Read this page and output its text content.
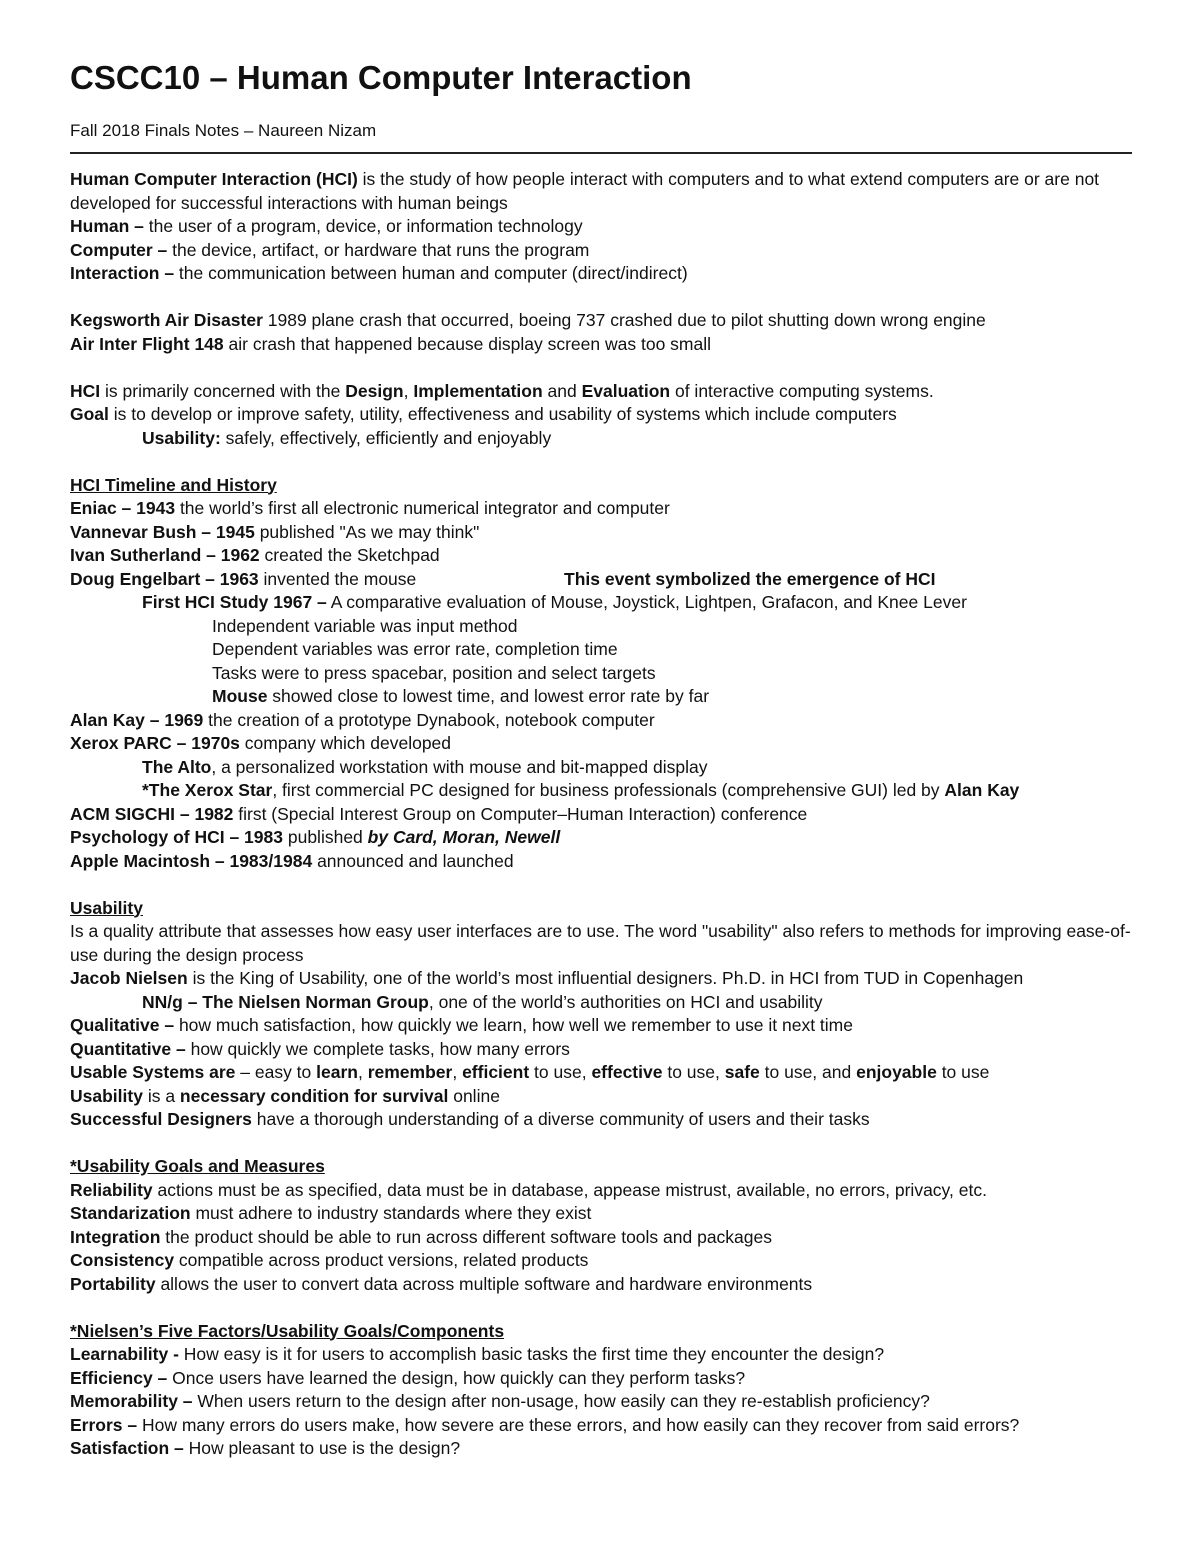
CSCC10 – Human Computer Interaction
Fall 2018 Finals Notes – Naureen Nizam
Human Computer Interaction (HCI) is the study of how people interact with computers and to what extend computers are or are not developed for successful interactions with human beings
Human – the user of a program, device, or information technology
Computer – the device, artifact, or hardware that runs the program
Interaction – the communication between human and computer (direct/indirect)
Kegsworth Air Disaster 1989 plane crash that occurred, boeing 737 crashed due to pilot shutting down wrong engine
Air Inter Flight 148 air crash that happened because display screen was too small
HCI is primarily concerned with the Design, Implementation and Evaluation of interactive computing systems.
Goal is to develop or improve safety, utility, effectiveness and usability of systems which include computers
Usability: safely, effectively, efficiently and enjoyably
HCI Timeline and History
Eniac – 1943 the world’s first all electronic numerical integrator and computer
Vannevar Bush – 1945 published "As we may think"
Ivan Sutherland – 1962 created the Sketchpad
Doug Engelbart – 1963 invented the mouse	This event symbolized the emergence of HCI
First HCI Study 1967 – A comparative evaluation of Mouse, Joystick, Lightpen, Grafacon, and Knee Lever
Independent variable was input method
Dependent variables was error rate, completion time
Tasks were to press spacebar, position and select targets
Mouse showed close to lowest time, and lowest error rate by far
Alan Kay – 1969 the creation of a prototype Dynabook, notebook computer
Xerox PARC – 1970s company which developed
The Alto, a personalized workstation with mouse and bit-mapped display
*The Xerox Star, first commercial PC designed for business professionals (comprehensive GUI) led by Alan Kay
ACM SIGCHI – 1982 first (Special Interest Group on Computer–Human Interaction) conference
Psychology of HCI – 1983 published by Card, Moran, Newell
Apple Macintosh – 1983/1984 announced and launched
Usability
Is a quality attribute that assesses how easy user interfaces are to use. The word "usability" also refers to methods for improving ease-of-use during the design process
Jacob Nielsen is the King of Usability, one of the world’s most influential designers. Ph.D. in HCI from TUD in Copenhagen
NN/g – The Nielsen Norman Group, one of the world’s authorities on HCI and usability
Qualitative – how much satisfaction, how quickly we learn, how well we remember to use it next time
Quantitative – how quickly we complete tasks, how many errors
Usable Systems are – easy to learn, remember, efficient to use, effective to use, safe to use, and enjoyable to use
Usability is a necessary condition for survival online
Successful Designers have a thorough understanding of a diverse community of users and their tasks
*Usability Goals and Measures
Reliability actions must be as specified, data must be in database, appease mistrust, available, no errors, privacy, etc.
Standarization must adhere to industry standards where they exist
Integration the product should be able to run across different software tools and packages
Consistency compatible across product versions, related products
Portability allows the user to convert data across multiple software and hardware environments
*Nielsen’s Five Factors/Usability Goals/Components
Learnability - How easy is it for users to accomplish basic tasks the first time they encounter the design?
Efficiency – Once users have learned the design, how quickly can they perform tasks?
Memorability – When users return to the design after non-usage, how easily can they re-establish proficiency?
Errors – How many errors do users make, how severe are these errors, and how easily can they recover from said errors?
Satisfaction – How pleasant to use is the design?
